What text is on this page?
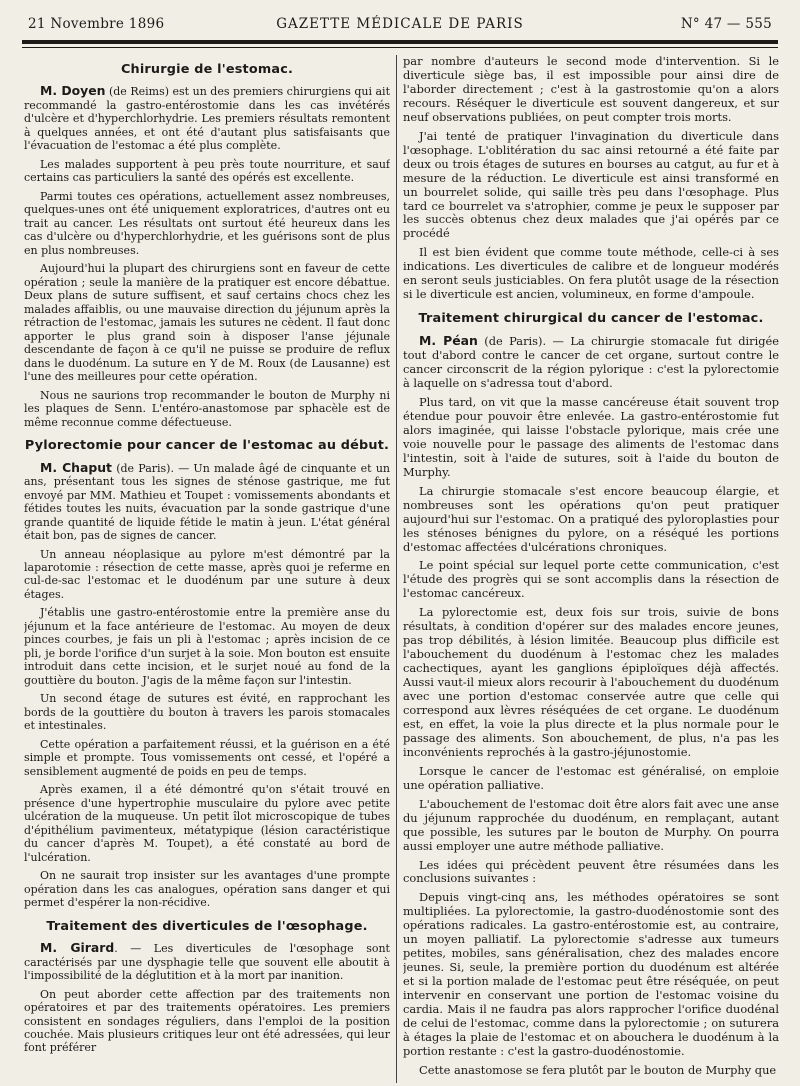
21 Novembre 1896	GAZETTE MÉDICALE DE PARIS	N° 47 — 555
Chirurgie de l'estomac.

M. Doyen (de Reims) est un des premiers chirurgiens qui ait recommandé la gastro-entérostomie dans les cas invétérés d'ulcère et d'hyperchlorhydrie. Les premiers résultats remontent à quelques années, et ont été d'autant plus satisfaisants que l'évacuation de l'estomac a été plus complète.

Les malades supportent à peu près toute nourriture, et sauf certains cas particuliers la santé des opérés est excellente.

Parmi toutes ces opérations, actuellement assez nombreuses, quelques-unes ont été uniquement exploratrices, d'autres ont eu trait au cancer. Les résultats ont surtout été heureux dans les cas d'ulcère ou d'hyperchlorhydrie, et les guérisons sont de plus en plus nombreuses.

Aujourd'hui la plupart des chirurgiens sont en faveur de cette opération ; seule la manière de la pratiquer est encore débattue. Deux plans de suture suffisent, et sauf certains chocs chez les malades affaiblis, ou une mauvaise direction du jéjunum après la rétraction de l'estomac, jamais les sutures ne cèdent. Il faut donc apporter le plus grand soin à disposer l'anse jéjunale descendante de façon à ce qu'il ne puisse se produire de reflux dans le duodénum. La suture en Y de M. Roux (de Lausanne) est l'une des meilleures pour cette opération.

Nous ne saurions trop recommander le bouton de Murphy ni les plaques de Senn. L'entéro-anastomose par sphacèle est de même reconnue comme défectueuse.

Pylorectomie pour cancer de l'estomac au début.

M. Chaput (de Paris). — Un malade âgé de cinquante et un ans, présentant tous les signes de sténose gastrique, me fut envoyé par MM. Mathieu et Toupet : vomissements abondants et fétides toutes les nuits, évacuation par la sonde gastrique d'une grande quantité de liquide fétide le matin à jeun. L'état général était bon, pas de signes de cancer.

Un anneau néoplasique au pylore m'est démontré par la laparotomie : résection de cette masse, après quoi je referme en cul-de-sac l'estomac et le duodénum par une suture à deux étages.

J'établis une gastro-entérostomie entre la première anse du jéjunum et la face antérieure de l'estomac. Au moyen de deux pinces courbes, je fais un pli à l'estomac ; après incision de ce pli, je borde l'orifice d'un surjet à la soie. Mon bouton est ensuite introduit dans cette incision, et le surjet noué au fond de la gouttière du bouton. J'agis de la même façon sur l'intestin.

Un second étage de sutures est évité, en rapprochant les bords de la gouttière du bouton à travers les parois stomacales et intestinales.

Cette opération a parfaitement réussi, et la guérison en a été simple et prompte. Tous vomissements ont cessé, et l'opéré a sensiblement augmenté de poids en peu de temps.

Après examen, il a été démontré qu'on s'était trouvé en présence d'une hypertrophie musculaire du pylore avec petite ulcération de la muqueuse. Un petit îlot microscopique de tubes d'épithélium pavimenteux, métatypique (lésion caractéristique du cancer d'après M. Toupet), a été constaté au bord de l'ulcération.

On ne saurait trop insister sur les avantages d'une prompte opération dans les cas analogues, opération sans danger et qui permet d'espérer la non-récidive.

Traitement des diverticules de l'œsophage.

M. Girard. — Les diverticules de l'œsophage sont caractérisés par une dysphagie telle que souvent elle aboutit à l'impossibilité de la déglutition et à la mort par inanition.

On peut aborder cette affection par des traitements non opératoires et par des traitements opératoires. Les premiers consistent en sondages réguliers, dans l'emploi de la position couchée. Mais plusieurs critiques leur ont été adressées, qui leur font préférer

par nombre d'auteurs le second mode d'intervention. Si le diverticule siège bas, il est impossible pour ainsi dire de l'aborder directement ; c'est à la gastrostomie qu'on a alors recours. Réséquer le diverticule est souvent dangereux, et sur neuf observations publiées, on peut compter trois morts.

J'ai tenté de pratiquer l'invagination du diverticule dans l'œsophage. L'oblitération du sac ainsi retourné a été faite par deux ou trois étages de sutures en bourses au catgut, au fur et à mesure de la réduction. Le diverticule est ainsi transformé en un bourrelet solide, qui saille très peu dans l'œsophage. Plus tard ce bourrelet va s'atrophier, comme je peux le supposer par les succès obtenus chez deux malades que j'ai opérés par ce procédé

Il est bien évident que comme toute méthode, celle-ci à ses indications. Les diverticules de calibre et de longueur modérés en seront seuls justiciables. On fera plutôt usage de la résection si le diverticule est ancien, volumineux, en forme d'ampoule.

Traitement chirurgical du cancer de l'estomac.

M. Péan (de Paris). — La chirurgie stomacale fut dirigée tout d'abord contre le cancer de cet organe, surtout contre le cancer circonscrit de la région pylorique : c'est la pylorectomie à laquelle on s'adressa tout d'abord.

Plus tard, on vit que la masse cancéreuse était souvent trop étendue pour pouvoir être enlevée. La gastro-entérostomie fut alors imaginée, qui laisse l'obstacle pylorique, mais crée une voie nouvelle pour le passage des aliments de l'estomac dans l'intestin, soit à l'aide de sutures, soit à l'aide du bouton de Murphy.

La chirurgie stomacale s'est encore beaucoup élargie, et nombreuses sont les opérations qu'on peut pratiquer aujourd'hui sur l'estomac. On a pratiqué des pyloroplasties pour les sténoses bénignes du pylore, on a réséqué les portions d'estomac affectées d'ulcérations chroniques.

Le point spécial sur lequel porte cette communication, c'est l'étude des progrès qui se sont accomplis dans la résection de l'estomac cancéreux.

La pylorectomie est, deux fois sur trois, suivie de bons résultats, à condition d'opérer sur des malades encore jeunes, pas trop débilités, à lésion limitée. Beaucoup plus difficile est l'abouchement du duodénum à l'estomac chez les malades cachectiques, ayant les ganglions épiploïques déjà affectés. Aussi vaut-il mieux alors recourir à l'abouchement du duodénum avec une portion d'estomac conservée autre que celle qui correspond aux lèvres réséquées de cet organe. Le duodénum est, en effet, la voie la plus directe et la plus normale pour le passage des aliments. Son abouchement, de plus, n'a pas les inconvénients reprochés à la gastro-jéjunostomie.

Lorsque le cancer de l'estomac est généralisé, on emploie une opération palliative.

L'abouchement de l'estomac doit être alors fait avec une anse du jéjunum rapprochée du duodénum, en remplaçant, autant que possible, les sutures par le bouton de Murphy. On pourra aussi employer une autre méthode palliative.

Les idées qui précèdent peuvent être résumées dans les conclusions suivantes :

Depuis vingt-cinq ans, les méthodes opératoires se sont multipliées. La pylorectomie, la gastro-duodénostomie sont des opérations radicales. La gastro-entérostomie est, au contraire, un moyen palliatif. La pylorectomie s'adresse aux tumeurs petites, mobiles, sans généralisation, chez des malades encore jeunes. Si, seule, la première portion du duodénum est altérée et si la portion malade de l'estomac peut être réséquée, on peut intervenir en conservant une portion de l'estomac voisine du cardia. Mais il ne faudra pas alors rapprocher l'orifice duodénal de celui de l'estomac, comme dans la pylorectomie ; on suturera à étages la plaie de l'estomac et on abouchera le duodénum à la portion restante : c'est la gastro-duodénostomie.

Cette anastomose se fera plutôt par le bouton de Murphy que
